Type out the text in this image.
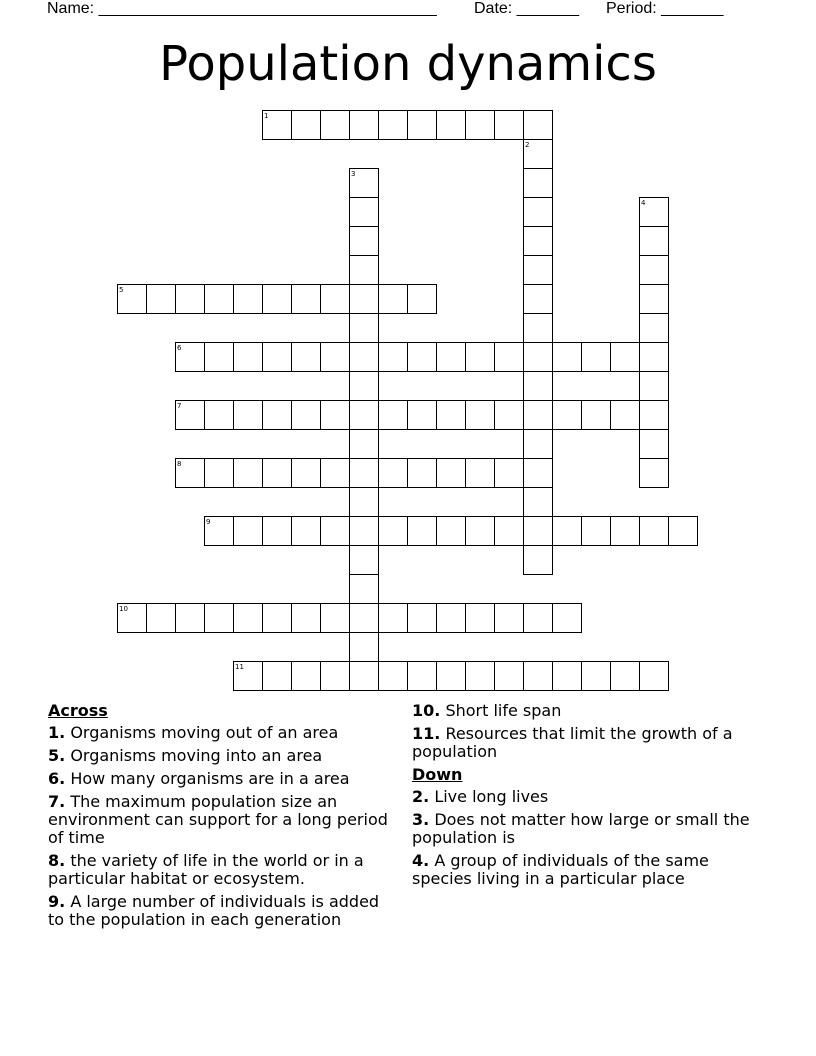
Name: ______________________________________ Date: _______ Period: _______
Population dynamics
1
2
3
4
5
6
7
8
9
10
11
Across
1. Organisms moving out of an area
5. Organisms moving into an area
6. How many organisms are in a area
7. The maximum population size an environment can support for a long period of time
8. the variety of life in the world or in a particular habitat or ecosystem.
9. A large number of individuals is added to the population in each generation
10. Short life span
11. Resources that limit the growth of a population
Down
2. Live long lives
3. Does not matter how large or small the population is
4. A group of individuals of the same species living in a particular place
